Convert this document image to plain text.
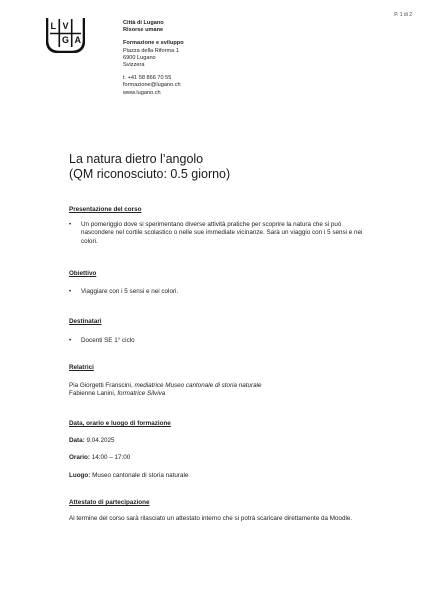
P. 1 di 2
L V
G A
Città di Lugano
Risorse umane
Formazione e sviluppo
Piazza della Riforma 1
6900 Lugano
Svizzera
t. +41 58 866 70 55
formazione@lugano.ch
www.lugano.ch
La natura dietro l’angolo
(QM riconosciuto: 0.5 giorno)
Presentazione del corso
• Un pomeriggio dove si sperimentano diverse attività pratiche per scoprire la natura che si può nascondere nel cortile scolastico o nelle sue immediate vicinanze. Sarà un viaggio con i 5 sensi e nei colori.
Obiettivo
• Viaggiare con i 5 sensi e nei colori.
Destinatari
• Docenti SE 1° ciclo
Relatrici
Pia Giorgetti Franscini, mediatrice Museo cantonale di storia naturale
Fabienne Lanini, formatrice Silviva
Data, orario e luogo di formazione
Data: 9.04.2025
Orario: 14:00 – 17:00
Luogo: Museo cantonale di storia naturale
Attestato di partecipazione
Al termine del corso sarà rilasciato un attestato interno che si potrà scaricare direttamente da Moodle.
